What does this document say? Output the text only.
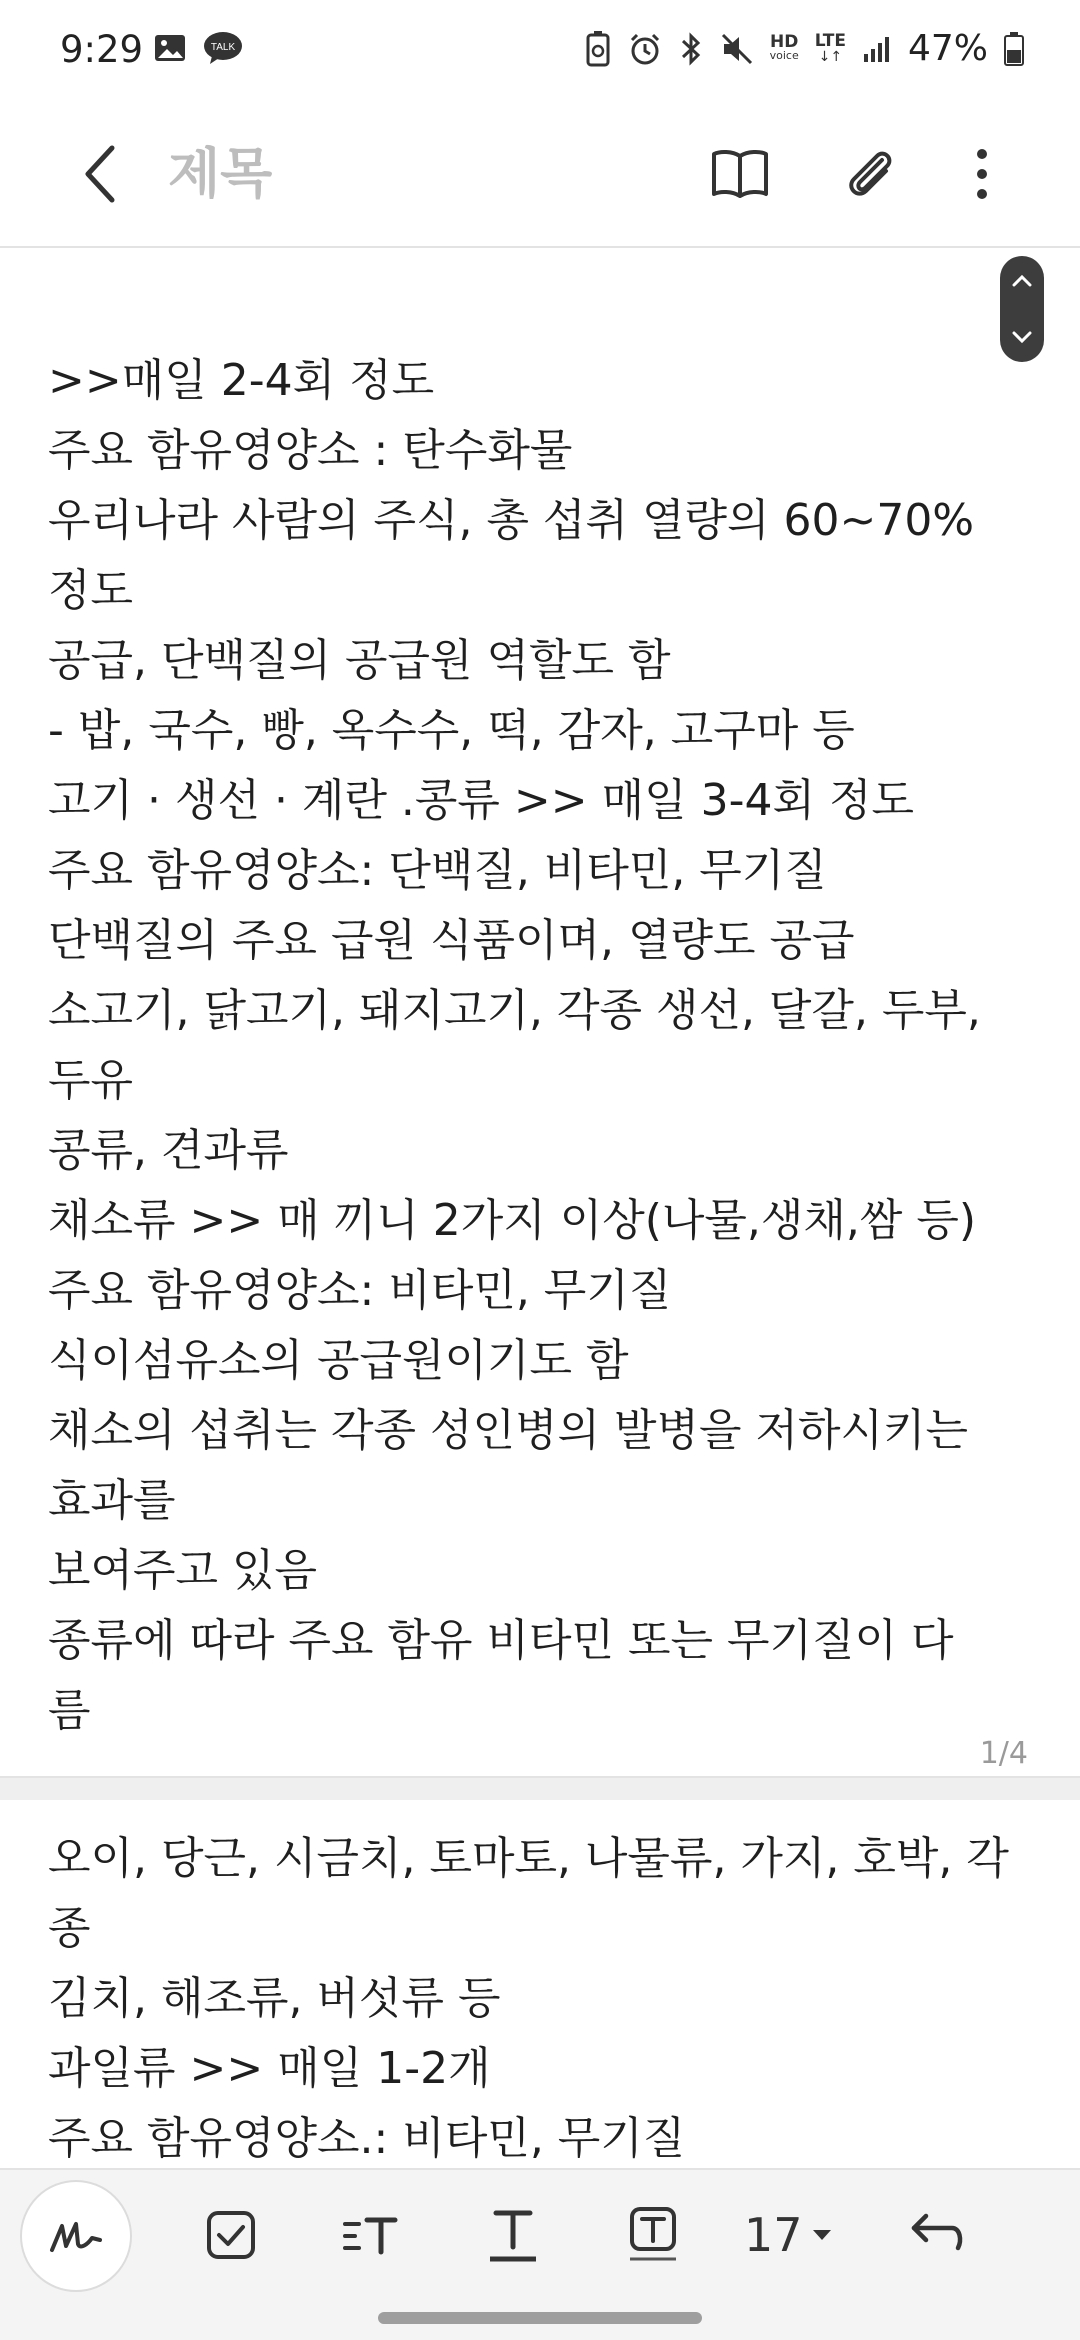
9:29	TALK	HD
voice
LTE
↓↑ 47%
제목
>>매일 2-4회 정도
주요 함유영양소 : 탄수화물
우리나라 사람의 주식, 총 섭취 열량의 60~70%
정도
공급, 단백질의 공급원 역할도 함
- 밥, 국수, 빵, 옥수수, 떡, 감자, 고구마 등
고기 · 생선 · 계란 .콩류 >> 매일 3-4회 정도
주요 함유영양소: 단백질, 비타민, 무기질
단백질의 주요 급원 식품이며, 열량도 공급
소고기, 닭고기, 돼지고기, 각종 생선, 달갈, 두부,
두유
콩류, 견과류
채소류 >> 매 끼니 2가지 이상(나물,생채,쌈 등)
주요 함유영양소: 비타민, 무기질
식이섬유소의 공급원이기도 함
채소의 섭취는 각종 성인병의 발병을 저하시키는
효과를
보여주고 있음
종류에 따라 주요 함유 비타민 또는 무기질이 다
름
1/4
오이, 당근, 시금치, 토마토, 나물류, 가지, 호박, 각
종
김치, 해조류, 버섯류 등
과일류 >> 매일 1-2개
주요 함유영양소.: 비타민, 무기질
17
